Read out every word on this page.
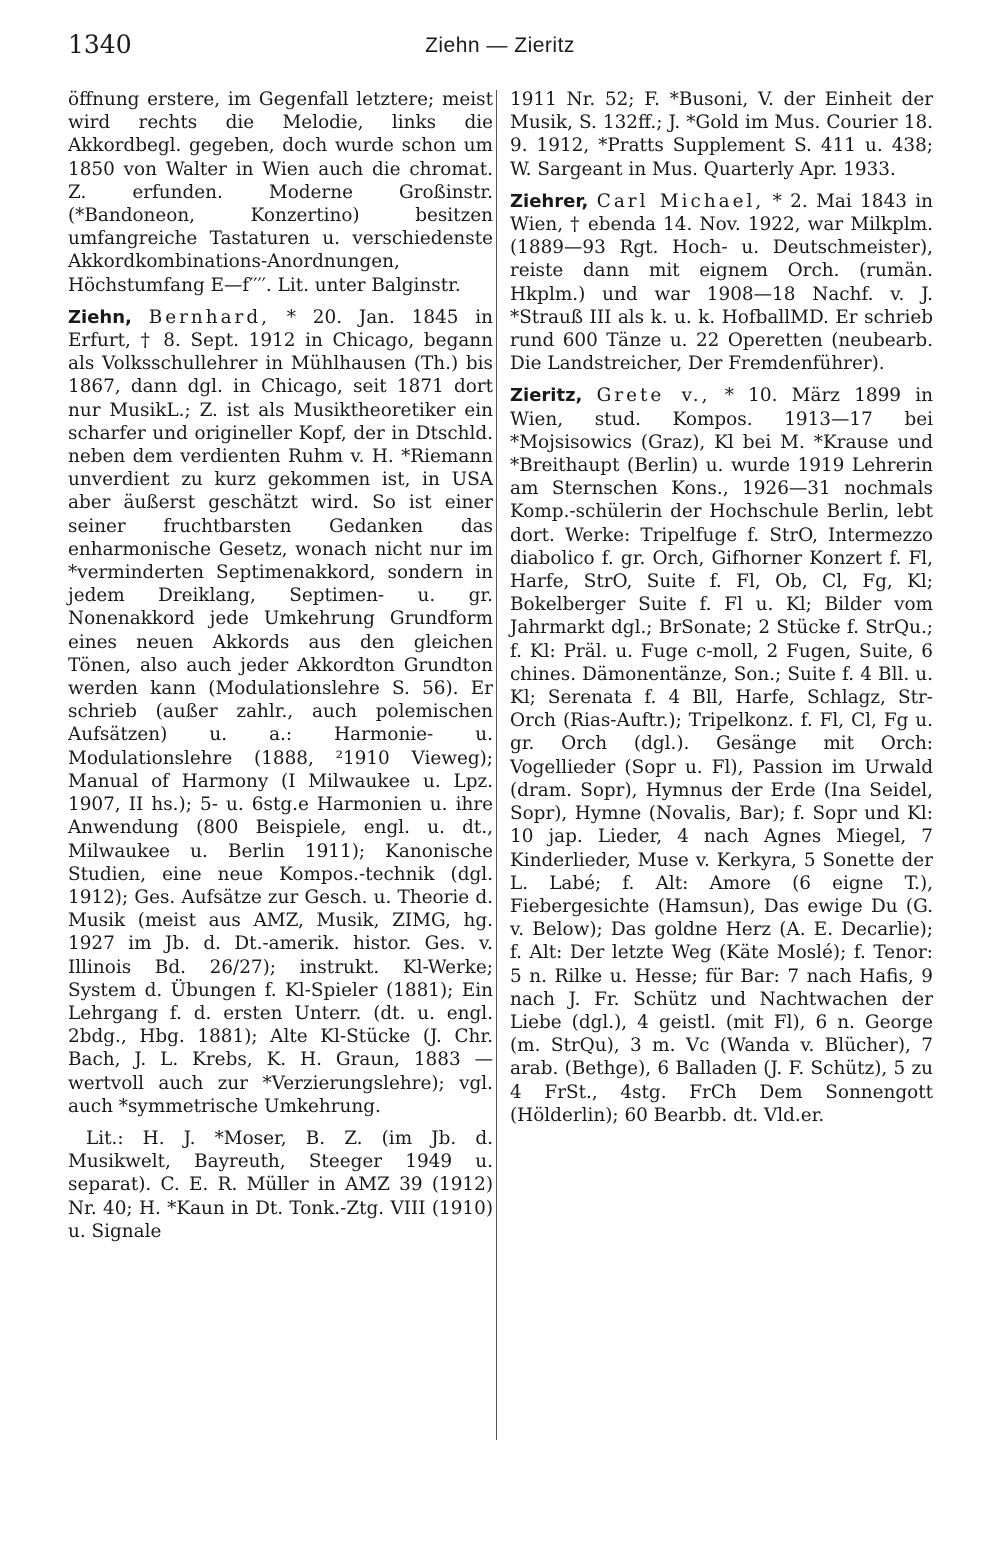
1340	Ziehn — Zieritz

öffnung erstere, im Gegenfall letztere; meist wird rechts die Melodie, links die Akkordbegl. gegeben, doch wurde schon um 1850 von Walter in Wien auch die chromat. Z. erfunden. Moderne Großinstr. (*Bandoneon, Konzertino) besitzen umfangreiche Tastaturen u. verschiedenste Akkordkombinations-Anordnungen, Höchstumfang E—f′′′′. Lit. unter Balginstr.

Ziehn, Bernhard, * 20. Jan. 1845 in Erfurt, † 8. Sept. 1912 in Chicago, begann als Volksschullehrer in Mühlhausen (Th.) bis 1867, dann dgl. in Chicago, seit 1871 dort nur MusikL.; Z. ist als Musiktheoretiker ein scharfer und origineller Kopf, der in Dtschld. neben dem verdienten Ruhm v. H. *Riemann unverdient zu kurz gekommen ist, in USA aber äußerst geschätzt wird. So ist einer seiner fruchtbarsten Gedanken das enharmonische Gesetz, wonach nicht nur im *verminderten Septimenakkord, sondern in jedem Dreiklang, Septimen- u. gr. Nonenakkord jede Umkehrung Grundform eines neuen Akkords aus den gleichen Tönen, also auch jeder Akkordton Grundton werden kann (Modulationslehre S. 56). Er schrieb (außer zahlr., auch polemischen Aufsätzen) u. a.: Harmonie- u. Modulationslehre (1888, ²1910 Vieweg); Manual of Harmony (I Milwaukee u. Lpz. 1907, II hs.); 5- u. 6stg.e Harmonien u. ihre Anwendung (800 Beispiele, engl. u. dt., Milwaukee u. Berlin 1911); Kanonische Studien, eine neue Kompos.-technik (dgl. 1912); Ges. Aufsätze zur Gesch. u. Theorie d. Musik (meist aus AMZ, Musik, ZIMG, hg. 1927 im Jb. d. Dt.-amerik. histor. Ges. v. Illinois Bd. 26/27); instrukt. Kl-Werke; System d. Übungen f. Kl-Spieler (1881); Ein Lehrgang f. d. ersten Unterr. (dt. u. engl. 2bdg., Hbg. 1881); Alte Kl-Stücke (J. Chr. Bach, J. L. Krebs, K. H. Graun, 1883 — wertvoll auch zur *Verzierungslehre); vgl. auch *symmetrische Umkehrung.

Lit.: H. J. *Moser, B. Z. (im Jb. d. Musikwelt, Bayreuth, Steeger 1949 u. separat). C. E. R. Müller in AMZ 39 (1912) Nr. 40; H. *Kaun in Dt. Tonk.-Ztg. VIII (1910) u. Signale

1911 Nr. 52; F. *Busoni, V. der Einheit der Musik, S. 132ff.; J. *Gold im Mus. Courier 18. 9. 1912, *Pratts Supplement S. 411 u. 438; W. Sargeant in Mus. Quarterly Apr. 1933.

Ziehrer, Carl Michael, * 2. Mai 1843 in Wien, † ebenda 14. Nov. 1922, war Milkplm. (1889—93 Rgt. Hoch- u. Deutschmeister), reiste dann mit eignem Orch. (rumän. Hkplm.) und war 1908—18 Nachf. v. J. *Strauß III als k. u. k. HofballMD. Er schrieb rund 600 Tänze u. 22 Operetten (neubearb. Die Landstreicher, Der Fremdenführer).

Zieritz, Grete v., * 10. März 1899 in Wien, stud. Kompos. 1913—17 bei *Mojsisowics (Graz), Kl bei M. *Krause und *Breithaupt (Berlin) u. wurde 1919 Lehrerin am Sternschen Kons., 1926—31 nochmals Komp.-schülerin der Hochschule Berlin, lebt dort. Werke: Tripelfuge f. StrO, Intermezzo diabolico f. gr. Orch, Gifhorner Konzert f. Fl, Harfe, StrO, Suite f. Fl, Ob, Cl, Fg, Kl; Bokelberger Suite f. Fl u. Kl; Bilder vom Jahrmarkt dgl.; BrSonate; 2 Stücke f. StrQu.; f. Kl: Präl. u. Fuge c-moll, 2 Fugen, Suite, 6 chines. Dämonentänze, Son.; Suite f. 4 Bll. u. Kl; Serenata f. 4 Bll, Harfe, Schlagz, Str-Orch (Rias-Auftr.); Tripelkonz. f. Fl, Cl, Fg u. gr. Orch (dgl.). Gesänge mit Orch: Vogellieder (Sopr u. Fl), Passion im Urwald (dram. Sopr), Hymnus der Erde (Ina Seidel, Sopr), Hymne (Novalis, Bar); f. Sopr und Kl: 10 jap. Lieder, 4 nach Agnes Miegel, 7 Kinderlieder, Muse v. Kerkyra, 5 Sonette der L. Labé; f. Alt: Amore (6 eigne T.), Fiebergesichte (Hamsun), Das ewige Du (G. v. Below); Das goldne Herz (A. E. Decarlie); f. Alt: Der letzte Weg (Käte Moslé); f. Tenor: 5 n. Rilke u. Hesse; für Bar: 7 nach Hafis, 9 nach J. Fr. Schütz und Nachtwachen der Liebe (dgl.), 4 geistl. (mit Fl), 6 n. George (m. StrQu), 3 m. Vc (Wanda v. Blücher), 7 arab. (Bethge), 6 Balladen (J. F. Schütz), 5 zu 4 FrSt., 4stg. FrCh Dem Sonnengott (Hölderlin); 60 Bearbb. dt. Vld.er.
